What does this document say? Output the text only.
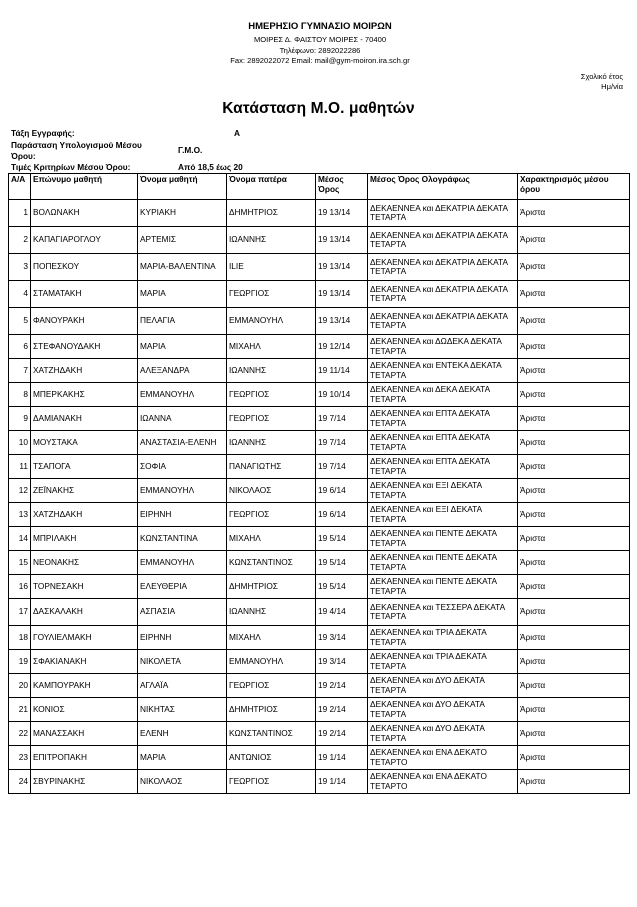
ΗΜΕΡΗΣΙΟ ΓΥΜΝΑΣΙΟ ΜΟΙΡΩΝ
ΜΟΙΡΕΣ Δ. ΦΑΙΣΤΟΥ ΜΟΙΡΕΣ - 70400
Τηλέφωνο: 2892022286
Fax: 2892022072 Email: mail@gym-moiron.ira.sch.gr
Σχολικό έτος
Ημ/νία
Κατάσταση Μ.Ο. μαθητών
Τάξη Εγγραφής:	Α
Παράσταση Υπολογισμού Μέσου
Όρου:
Γ.Μ.Ο.
Τιμές Κριτηρίων Μέσου Όρου:	Από 18,5 έως 20
Α/Α	Επώνυμο μαθητή	Όνομα μαθητή	Όνομα πατέρα	Μέσος Όρος	Μέσος Όρος Ολογράφως	Χαρακτηρισμός μέσου όρου
1	ΒΟΛΩΝΑΚΗ	ΚΥΡΙΑΚΗ	ΔΗΜΗΤΡΙΟΣ	19 13/14	ΔΕΚΑΕΝΝΕΑ και ΔΕΚΑΤΡΙΑ ΔΕΚΑΤΑ ΤΕΤΑΡΤΑ	Άριστα
2	ΚΑΠΑΓΙΑΡΟΓΛΟΥ	ΑΡΤΕΜΙΣ	ΙΩΑΝΝΗΣ	19 13/14	ΔΕΚΑΕΝΝΕΑ και ΔΕΚΑΤΡΙΑ ΔΕΚΑΤΑ ΤΕΤΑΡΤΑ	Άριστα
3	ΠΟΠΕΣΚΟΥ	ΜΑΡΙΑ-ΒΑΛΕΝΤΙΝΑ	ILIE	19 13/14	ΔΕΚΑΕΝΝΕΑ και ΔΕΚΑΤΡΙΑ ΔΕΚΑΤΑ ΤΕΤΑΡΤΑ	Άριστα
4	ΣΤΑΜΑΤΑΚΗ	ΜΑΡΙΑ	ΓΕΩΡΓΙΟΣ	19 13/14	ΔΕΚΑΕΝΝΕΑ και ΔΕΚΑΤΡΙΑ ΔΕΚΑΤΑ ΤΕΤΑΡΤΑ	Άριστα
5	ΦΑΝΟΥΡΑΚΗ	ΠΕΛΑΓΙΑ	ΕΜΜΑΝΟΥΗΛ	19 13/14	ΔΕΚΑΕΝΝΕΑ και ΔΕΚΑΤΡΙΑ ΔΕΚΑΤΑ ΤΕΤΑΡΤΑ	Άριστα
6	ΣΤΕΦΑΝΟΥΔΑΚΗ	ΜΑΡΙΑ	ΜΙΧΑΗΛ	19 12/14	ΔΕΚΑΕΝΝΕΑ και ΔΩΔΕΚΑ ΔΕΚΑΤΑ ΤΕΤΑΡΤΑ	Άριστα
7	ΧΑΤΖΗΔΑΚΗ	ΑΛΕΞΑΝΔΡΑ	ΙΩΑΝΝΗΣ	19 11/14	ΔΕΚΑΕΝΝΕΑ και ΕΝΤΕΚΑ ΔΕΚΑΤΑ ΤΕΤΑΡΤΑ	Άριστα
8	ΜΠΕΡΚΑΚΗΣ	ΕΜΜΑΝΟΥΗΛ	ΓΕΩΡΓΙΟΣ	19 10/14	ΔΕΚΑΕΝΝΕΑ και ΔΕΚΑ ΔΕΚΑΤΑ ΤΕΤΑΡΤΑ	Άριστα
9	ΔΑΜΙΑΝΑΚΗ	ΙΩΑΝΝΑ	ΓΕΩΡΓΙΟΣ	19 7/14	ΔΕΚΑΕΝΝΕΑ και ΕΠΤΑ ΔΕΚΑΤΑ ΤΕΤΑΡΤΑ	Άριστα
10	ΜΟΥΣΤΑΚΑ	ΑΝΑΣΤΑΣΙΑ-ΕΛΕΝΗ	ΙΩΑΝΝΗΣ	19 7/14	ΔΕΚΑΕΝΝΕΑ και ΕΠΤΑ ΔΕΚΑΤΑ ΤΕΤΑΡΤΑ	Άριστα
11	ΤΣΑΠΟΓΑ	ΣΟΦΙΑ	ΠΑΝΑΓΙΩΤΗΣ	19 7/14	ΔΕΚΑΕΝΝΕΑ και ΕΠΤΑ ΔΕΚΑΤΑ ΤΕΤΑΡΤΑ	Άριστα
12	ΖΕΪΝΑΚΗΣ	ΕΜΜΑΝΟΥΗΛ	ΝΙΚΟΛΑΟΣ	19 6/14	ΔΕΚΑΕΝΝΕΑ και ΕΞΙ ΔΕΚΑΤΑ ΤΕΤΑΡΤΑ	Άριστα
13	ΧΑΤΖΗΔΑΚΗ	ΕΙΡΗΝΗ	ΓΕΩΡΓΙΟΣ	19 6/14	ΔΕΚΑΕΝΝΕΑ και ΕΞΙ ΔΕΚΑΤΑ ΤΕΤΑΡΤΑ	Άριστα
14	ΜΠΡΙΛΑΚΗ	ΚΩΝΣΤΑΝΤΙΝΑ	ΜΙΧΑΗΛ	19 5/14	ΔΕΚΑΕΝΝΕΑ και ΠΕΝΤΕ ΔΕΚΑΤΑ ΤΕΤΑΡΤΑ	Άριστα
15	ΝΕΟΝΑΚΗΣ	ΕΜΜΑΝΟΥΗΛ	ΚΩΝΣΤΑΝΤΙΝΟΣ	19 5/14	ΔΕΚΑΕΝΝΕΑ και ΠΕΝΤΕ ΔΕΚΑΤΑ ΤΕΤΑΡΤΑ	Άριστα
16	ΤΟΡΝΕΣΑΚΗ	ΕΛΕΥΘΕΡΙΑ	ΔΗΜΗΤΡΙΟΣ	19 5/14	ΔΕΚΑΕΝΝΕΑ και ΠΕΝΤΕ ΔΕΚΑΤΑ ΤΕΤΑΡΤΑ	Άριστα
17	ΔΑΣΚΑΛΑΚΗ	ΑΣΠΑΣΙΑ	ΙΩΑΝΝΗΣ	19 4/14	ΔΕΚΑΕΝΝΕΑ και ΤΕΣΣΕΡΑ ΔΕΚΑΤΑ ΤΕΤΑΡΤΑ	Άριστα
18	ΓΟΥΛΙΕΛΜΑΚΗ	ΕΙΡΗΝΗ	ΜΙΧΑΗΛ	19 3/14	ΔΕΚΑΕΝΝΕΑ και ΤΡΙΑ ΔΕΚΑΤΑ ΤΕΤΑΡΤΑ	Άριστα
19	ΣΦΑΚΙΑΝΑΚΗ	ΝΙΚΟΛΕΤΑ	ΕΜΜΑΝΟΥΗΛ	19 3/14	ΔΕΚΑΕΝΝΕΑ και ΤΡΙΑ ΔΕΚΑΤΑ ΤΕΤΑΡΤΑ	Άριστα
20	ΚΑΜΠΟΥΡΑΚΗ	ΑΓΛΑΪΑ	ΓΕΩΡΓΙΟΣ	19 2/14	ΔΕΚΑΕΝΝΕΑ και ΔΥΟ ΔΕΚΑΤΑ ΤΕΤΑΡΤΑ	Άριστα
21	ΚΟΝΙΟΣ	ΝΙΚΗΤΑΣ	ΔΗΜΗΤΡΙΟΣ	19 2/14	ΔΕΚΑΕΝΝΕΑ και ΔΥΟ ΔΕΚΑΤΑ ΤΕΤΑΡΤΑ	Άριστα
22	ΜΑΝΑΣΣΑΚΗ	ΕΛΕΝΗ	ΚΩΝΣΤΑΝΤΙΝΟΣ	19 2/14	ΔΕΚΑΕΝΝΕΑ και ΔΥΟ ΔΕΚΑΤΑ ΤΕΤΑΡΤΑ	Άριστα
23	ΕΠΙΤΡΟΠΑΚΗ	ΜΑΡΙΑ	ΑΝΤΩΝΙΟΣ	19 1/14	ΔΕΚΑΕΝΝΕΑ και ΕΝΑ ΔΕΚΑΤΟ ΤΕΤΑΡΤΟ	Άριστα
24	ΣΒΥΡΙΝΑΚΗΣ	ΝΙΚΟΛΑΟΣ	ΓΕΩΡΓΙΟΣ	19 1/14	ΔΕΚΑΕΝΝΕΑ και ΕΝΑ ΔΕΚΑΤΟ ΤΕΤΑΡΤΟ	Άριστα
